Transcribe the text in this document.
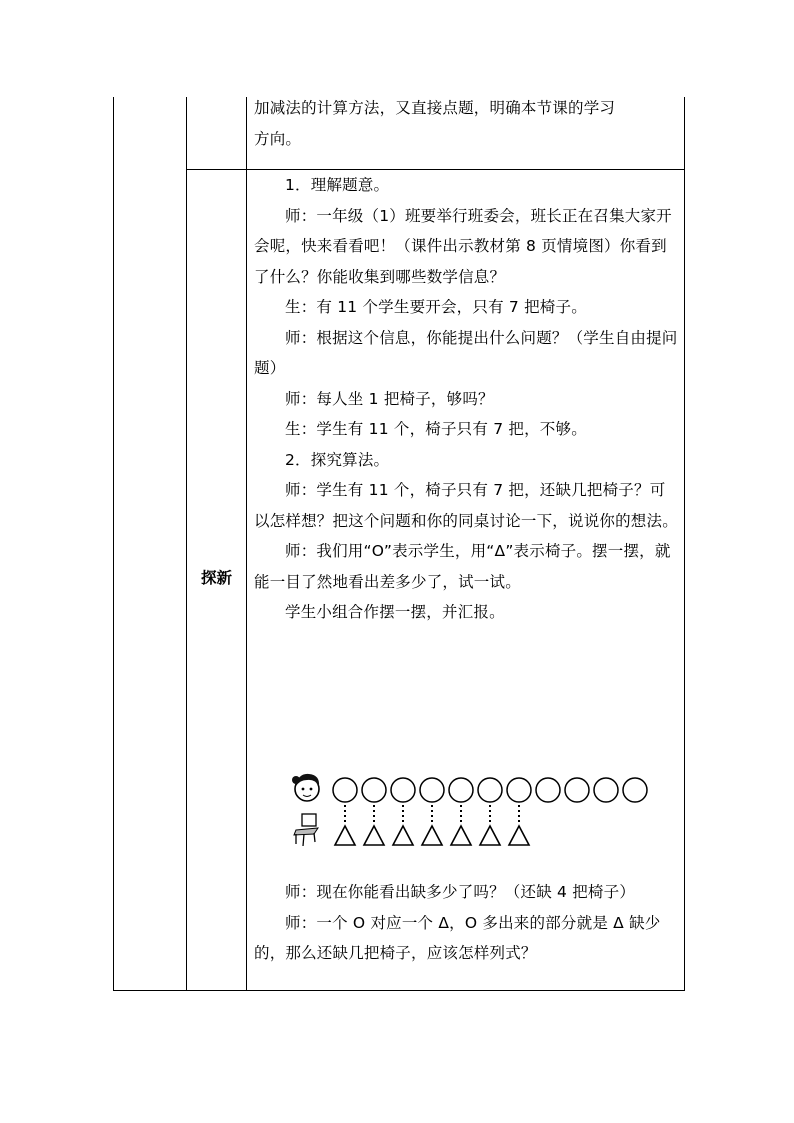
加减法的计算方法，又直接点题，明确本节课的学习

方向。

探新

1．理解题意。

师：一年级（1）班要举行班委会，班长正在召集大家开会呢，快来看看吧！（课件出示教材第 8 页情境图）你看到了什么？你能收集到哪些数学信息？

生：有 11 个学生要开会，只有 7 把椅子。

师：根据这个信息，你能提出什么问题？（学生自由提问题）

师：每人坐 1 把椅子，够吗？

生：学生有 11 个，椅子只有 7 把，不够。

2．探究算法。

师：学生有 11 个，椅子只有 7 把，还缺几把椅子？可以怎样想？把这个问题和你的同桌讨论一下，说说你的想法。

师：我们用“O”表示学生，用“Δ”表示椅子。摆一摆，就能一目了然地看出差多少了，试一试。

学生小组合作摆一摆，并汇报。

师：现在你能看出缺多少了吗？（还缺 4 把椅子）

师：一个 O 对应一个 Δ，O 多出来的部分就是 Δ 缺少的，那么还缺几把椅子，应该怎样列式？
